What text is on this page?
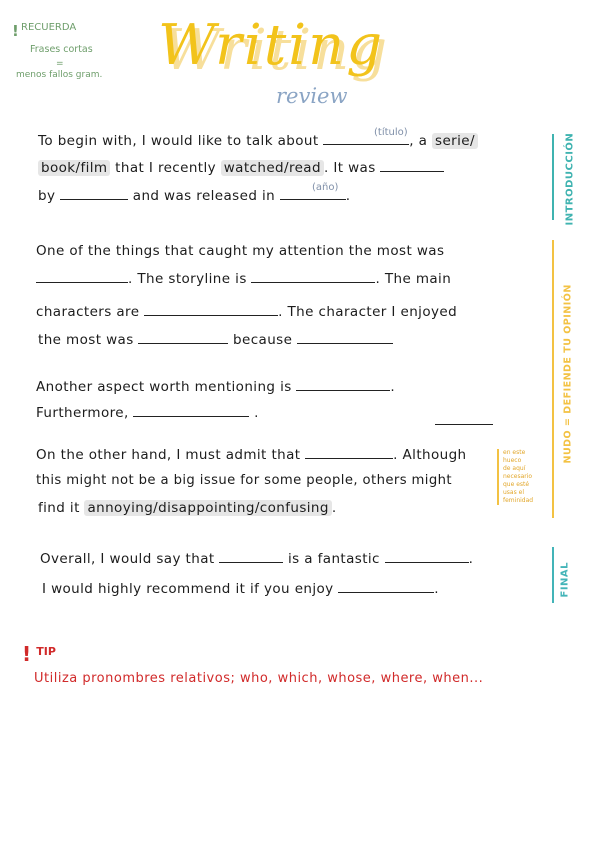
! RECUERDA
Frases cortas
=
menos fallos gram. Writing
review
To begin with, I would like to talk about	, a serie/
(título)
book/film that I recently watched/read . It was
by	and was released in	.
(año)
One of the things that caught my attention the most was
. The storyline is	. The main
characters are	. The character I enjoyed
the most was	because
Another aspect worth mentioning is	.
Furthermore,	.
On the other hand, I must admit that	. Although
this might not be a big issue for some people, others might
find it annoying/disappointing/confusing .
en este
hueco
de aquí
necesario
que esté
usas el
feminidad
Overall, I would say that	is a fantastic	.
I would highly recommend it if you enjoy	.
INTRODUCCIÓN
NUDO = DEFIENDE TU OPINIÓN
FINAL
! $^{TIP}$
Utiliza pronombres relativos; who, which, whose, where, when...
